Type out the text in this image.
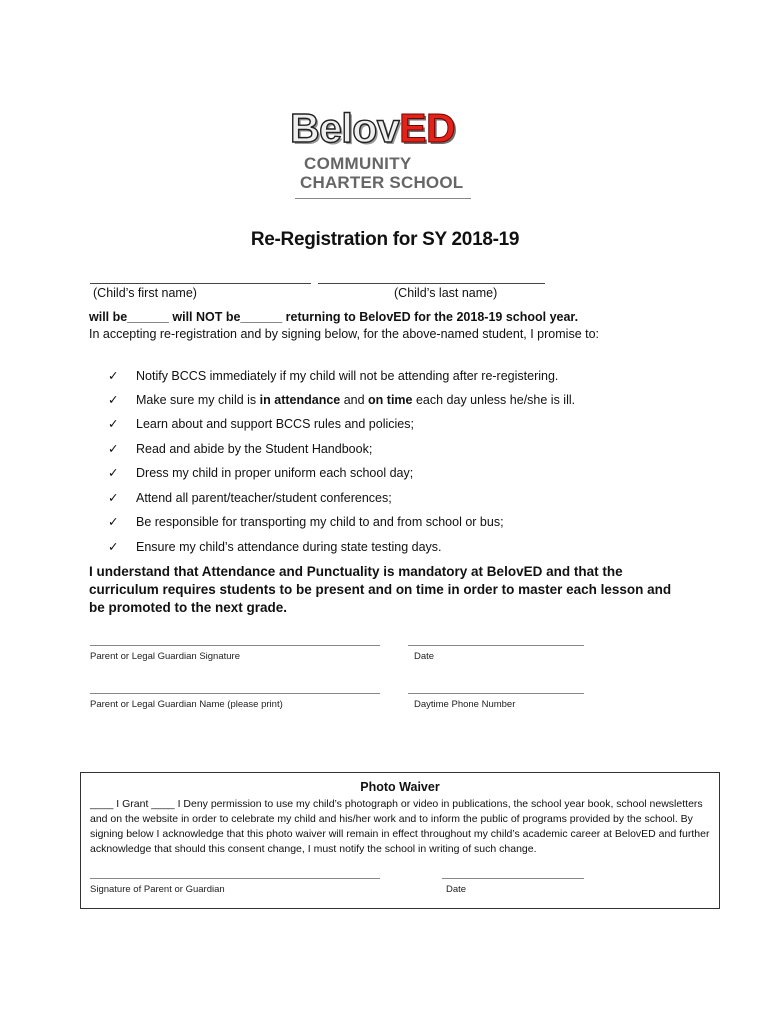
BelovED
COMMUNITY
CHARTER SCHOOL
Re-Registration for SY 2018-19
(Child’s first name)	(Child’s last name)
will be______ will NOT be______ returning to BelovED for the 2018-19 school year.
In accepting re-registration and by signing below, for the above-named student, I promise to:
✓ Notify BCCS immediately if my child will not be attending after re-registering.
✓ Make sure my child is in attendance and on time each day unless he/she is ill.
✓ Learn about and support BCCS rules and policies;
✓ Read and abide by the Student Handbook;
✓ Dress my child in proper uniform each school day;
✓ Attend all parent/teacher/student conferences;
✓ Be responsible for transporting my child to and from school or bus;
✓ Ensure my child’s attendance during state testing days.
I understand that Attendance and Punctuality is mandatory at BelovED and that the curriculum requires students to be present and on time in order to master each lesson and be promoted to the next grade.
Parent or Legal Guardian Signature	Date
Parent or Legal Guardian Name (please print)	Daytime Phone Number
Photo Waiver
____ I Grant ____ I Deny permission to use my child’s photograph or video in publications, the school year book, school newsletters and on the website in order to celebrate my child and his/her work and to inform the public of programs provided by the school. By signing below I acknowledge that this photo waiver will remain in effect throughout my child’s academic career at BelovED and further acknowledge that should this consent change, I must notify the school in writing of such change.
Signature of Parent or Guardian	Date
